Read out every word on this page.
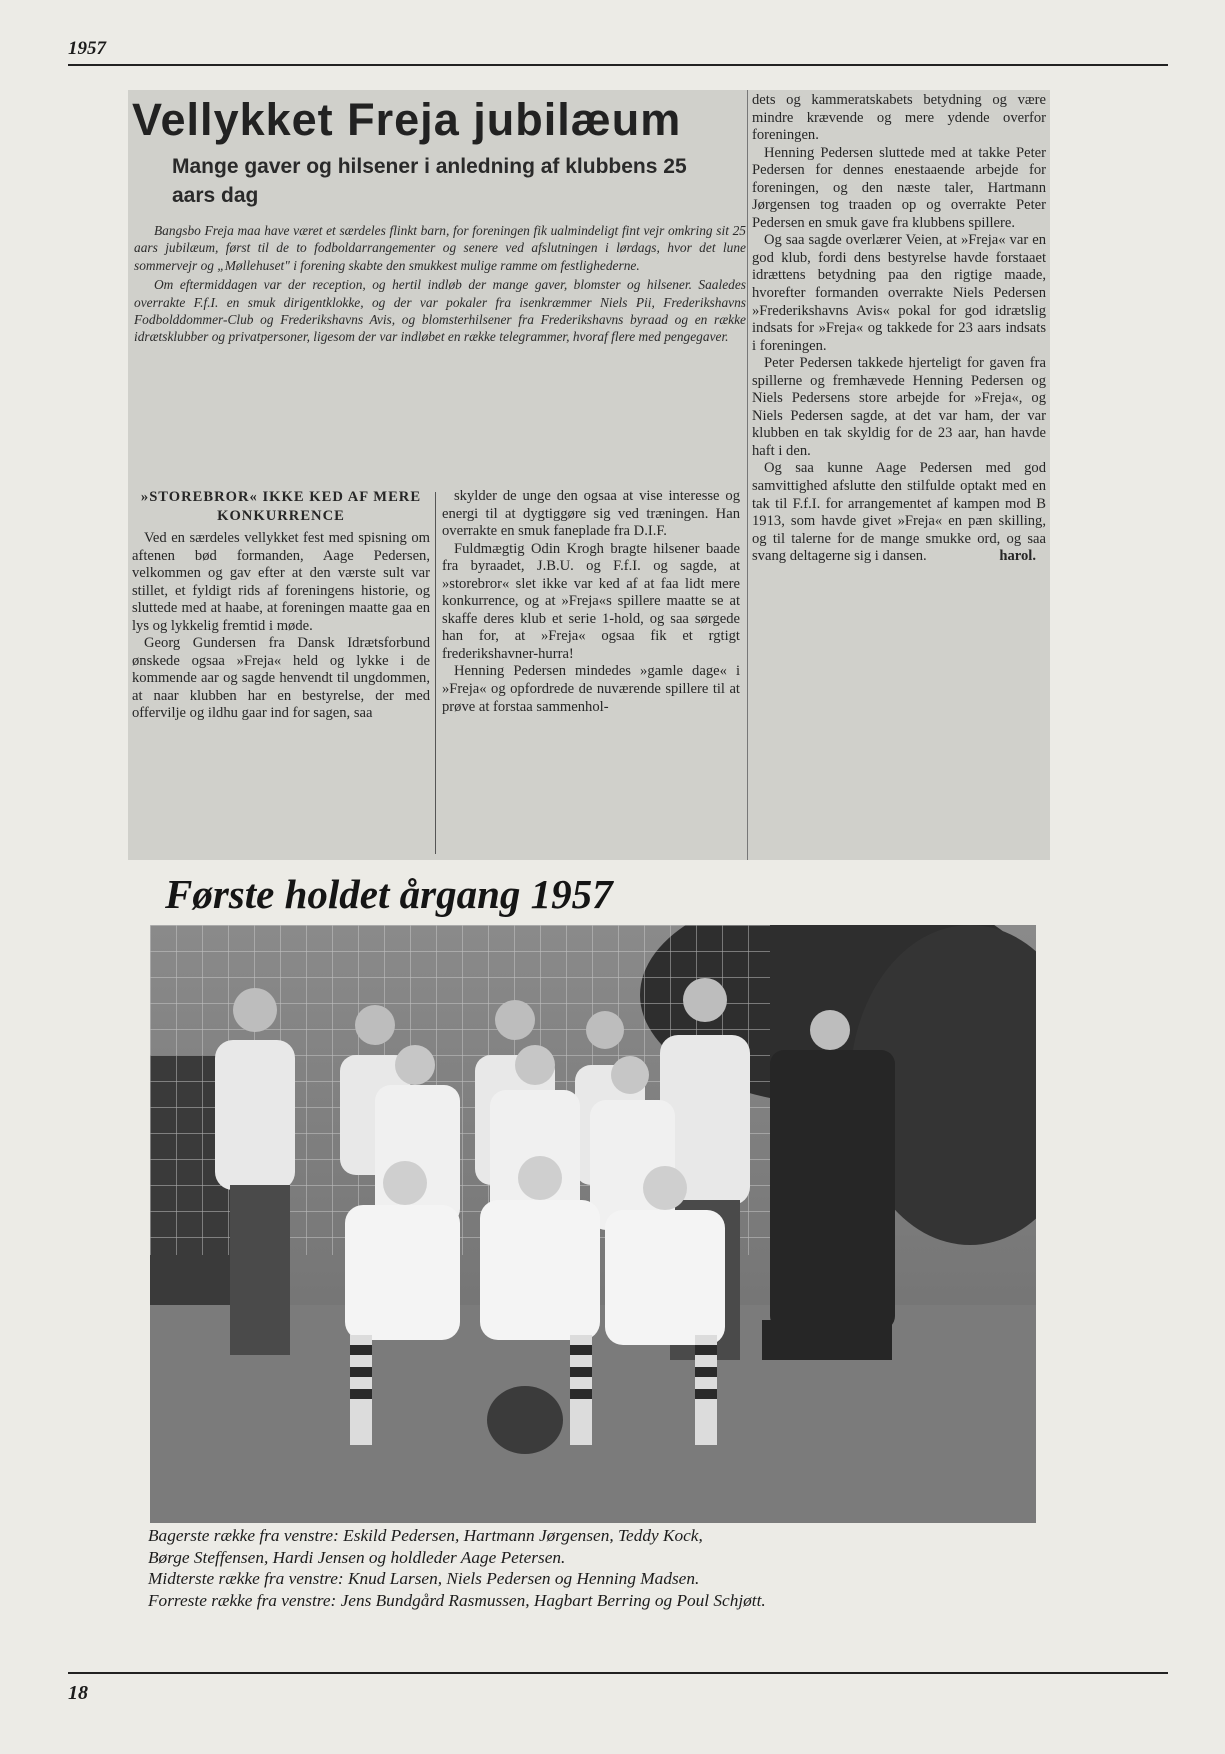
1957
Vellykket Freja jubilæum
Mange gaver og hilsener i anledning af klubbens 25 aars dag

Bangsbo Freja maa have været et særdeles flinkt barn, for foreningen fik ualmindeligt fint vejr omkring sit 25 aars jubilæum, først til de to fodboldarrangementer og senere ved afslutningen i lørdags, hvor det lune sommervejr og „Møllehuset" i forening skabte den smukkest mulige ramme om festlighederne.

Om eftermiddagen var der reception, og hertil indløb der mange gaver, blomster og hilsener. Saaledes overrakte F.f.I. en smuk dirigentklokke, og der var pokaler fra isenkræmmer Niels Pii, Frederikshavns Fodbolddommer-Club og Frederikshavns Avis, og blomsterhilsener fra Frederikshavns byraad og en række idrætsklubber og privatpersoner, ligesom der var indløbet en række telegrammer, hvoraf flere med pengegaver.

»STOREBROR« IKKE KED AF MERE KONKURRENCE

Ved en særdeles vellykket fest med spisning om aftenen bød formanden, Aage Pedersen, velkommen og gav efter at den værste sult var stillet, et fyldigt rids af foreningens historie, og sluttede med at haabe, at foreningen maatte gaa en lys og lykkelig fremtid i møde.

Georg Gundersen fra Dansk Idrætsforbund ønskede ogsaa »Freja« held og lykke i de kommende aar og sagde henvendt til ungdommen, at naar klubben har en bestyrelse, der med offervilje og ildhu gaar ind for sagen, saa

skylder de unge den ogsaa at vise interesse og energi til at dygtiggøre sig ved træningen. Han overrakte en smuk faneplade fra D.I.F.

Fuldmægtig Odin Krogh bragte hilsener baade fra byraadet, J.B.U. og F.f.I. og sagde, at »storebror« slet ikke var ked af at faa lidt mere konkurrence, og at »Freja«s spillere maatte se at skaffe deres klub et serie 1-hold, og saa sørgede han for, at »Freja« ogsaa fik et rgtigt frederikshavner-hurra!

Henning Pedersen mindedes »gamle dage« i »Freja« og opfordrede de nuværende spillere til at prøve at forstaa sammenhol-

dets og kammeratskabets betydning og være mindre krævende og mere ydende overfor foreningen.

Henning Pedersen sluttede med at takke Peter Pedersen for dennes enestaaende arbejde for foreningen, og den næste taler, Hartmann Jørgensen tog traaden op og overrakte Peter Pedersen en smuk gave fra klubbens spillere.

Og saa sagde overlærer Veien, at »Freja« var en god klub, fordi dens bestyrelse havde forstaaet idrættens betydning paa den rigtige maade, hvorefter formanden overrakte Niels Pedersen »Frederikshavns Avis« pokal for god idrætslig indsats for »Freja« og takkede for 23 aars indsats i foreningen.

Peter Pedersen takkede hjerteligt for gaven fra spillerne og fremhævede Henning Pedersen og Niels Pedersens store arbejde for »Freja«, og Niels Pedersen sagde, at det var ham, der var klubben en tak skyldig for de 23 aar, han havde haft i den.

Og saa kunne Aage Pedersen med god samvittighed afslutte den stilfulde optakt med en tak til F.f.I. for arrangementet af kampen mod B 1913, som havde givet »Freja« en pæn skilling, og til talerne for de mange smukke ord, og saa svang deltagerne sig i dansen.	harol.

Første holdet årgang 1957
Bagerste række fra venstre: Eskild Pedersen, Hartmann Jørgensen, Teddy Kock,
Børge Steffensen, Hardi Jensen og holdleder Aage Petersen.
Midterste række fra venstre: Knud Larsen, Niels Pedersen og Henning Madsen.
Forreste række fra venstre: Jens Bundgård Rasmussen, Hagbart Berring og Poul Schjøtt.
18
